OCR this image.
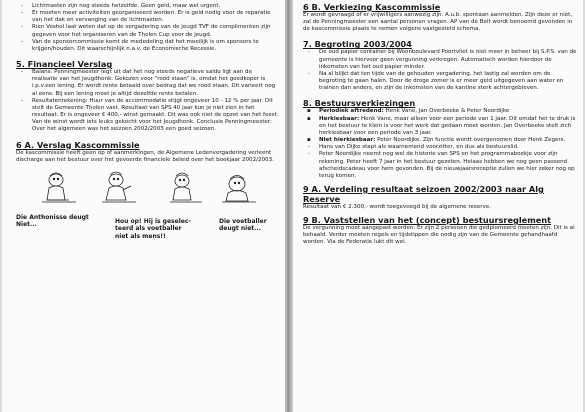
- Lichtmasten zijn nog steeds hetzelfde. Geen geld, maar wel urgent.
- Er moeten meer activiteiten georganiseerd worden. Er is geld nodig voor de reparatie van het dak en vervanging van de lichtmasten.
- Rien Voshol laat weten dat op de vergadering van de jeugd TVF de complimenten zijn gegeven voor het organiseren van de Tholen Cup voor de jeugd.
- Van de sponsorcommissie komt de mededeling dat het moeilijk is om sponsors te krijgen/houden. Dit waarschijnlijk n.a.v. de Economische Recessie.
5. Financieel Verslag
- Balans: Penningmeester legt uit dat het nog steeds negatieve saldo ligt aan de realisatie van het Jeugdhonk. Gekozen voor "rood staan" is, omdat het goedkoper is i.p.v.een lening. Er wordt rente betaald over bedrag dat we rood staan. Dit varieert nog al eens. Bij een lening moet je altijd dezelfde rente betalen.
- Resultatenrekening: Huur van de accommodatie stijgt ongeveer 10 - 12 % per jaar. Dit stelt de Gemeente Tholen vast. Resultaat van SPS 40 jaar kun je niet zien in het resultaat. Er is ongeveer € 400,- winst gemaakt. Dit was ook niet de opzet van het feest. Van de winst wordt iets leuks gekocht voor het Jeugdhonk. Conclusie Penningmeester: Over het algemeen was het seizoen 2002/2003 een goed seizoen.
6 A. Verslag Kascommissie

De kascommissie heeft geen op of aanmerkingen, de Algemene Ledenvergadering verleent discharge aan het bestuur over het gevoerde financiele beleid over het boekjaar 2002/2003.

Die Anthonisse deugt
Niet...
Hou op! Hij is geselec-
teerd als voetballer
niet als mens!!
Die voetballer
deugt niet...
6 B. Verkiezing Kascommissie

Er wordt gevraagd of er vrijwilligers aanwezig zijn. A.u.b. spontaan aanmelden. Zijn deze er niet, zal de Penningmeester een aantal personen vragen. AP van de Belt wordt benoemd gevonden in de kascommissie plaats te nemen volgens vastgesteld schema.

7. Begroting 2003/2004
- De oud papier container bij Woonboulevard Poortvliet is niet meer in beheer bij S.P.S. van de gemeente is hiervoor geen vergunning verkregen. Automatisch worden hierdoor de inkomsten van het oud papier minder.
- Na al blijkt dat ten tijde van de gehouden vergadering, het lastig zal worden om de begroting te gaan halen. Door de droge zomer is er meer geld uitgegeven aan water en trainen dan anders, en zijn de inkomsten van de kantine sterk achtergebleven.
8. Bestuursverkiezingen
▪ Periodiek aftredend: Henk Vane, Jan Overbeeke & Peter Noordijke
▪ Herkiesbaar: Henk Vane, maar alleen voor een periode van 1 jaar. Dit omdat het te druk is en het bestuur te klein is voor het werk dat gedaan moet worden. Jan Overbeeke stelt zich herkiesbaar voor een periode van 3 jaar.
▪ Niet hierkiesbaar: Peter Noordijke. Zijn functie wordt overgenomen door Henk Zegers.
- Hans van Dijke stapt als waarnemend voorzitter, en dus als bestuurslid.
- Peter Noordijke neemt nog wel de historie van SPS en het programmaboekje voor zijn rekening. Peter heeft 7 jaar in het bestuur gezeten. Helaas hebben we nog geen passend afscheidscadeau voor hem gevonden. Bij de nieuwjaarsreceptie zullen we hier zeker nog op terug komen.
9 A. Verdeling resultaat seizoen 2002/2003 naar Alg Reserve

Resultaat van € 2.300,- wordt toegevoegd bij de algemene reserve.

9 B. Vaststellen van het (concept) bestuursreglement

De vergunning moet aangepast worden. Er zijn 2 personen die gedplomeerd moeten zijn. Dit is al behaald. Verder moeten regels en tijdstippen die nodig zijn van de Gemeente gehandhaafd worden. Via de Federatie lukt dit wel.
